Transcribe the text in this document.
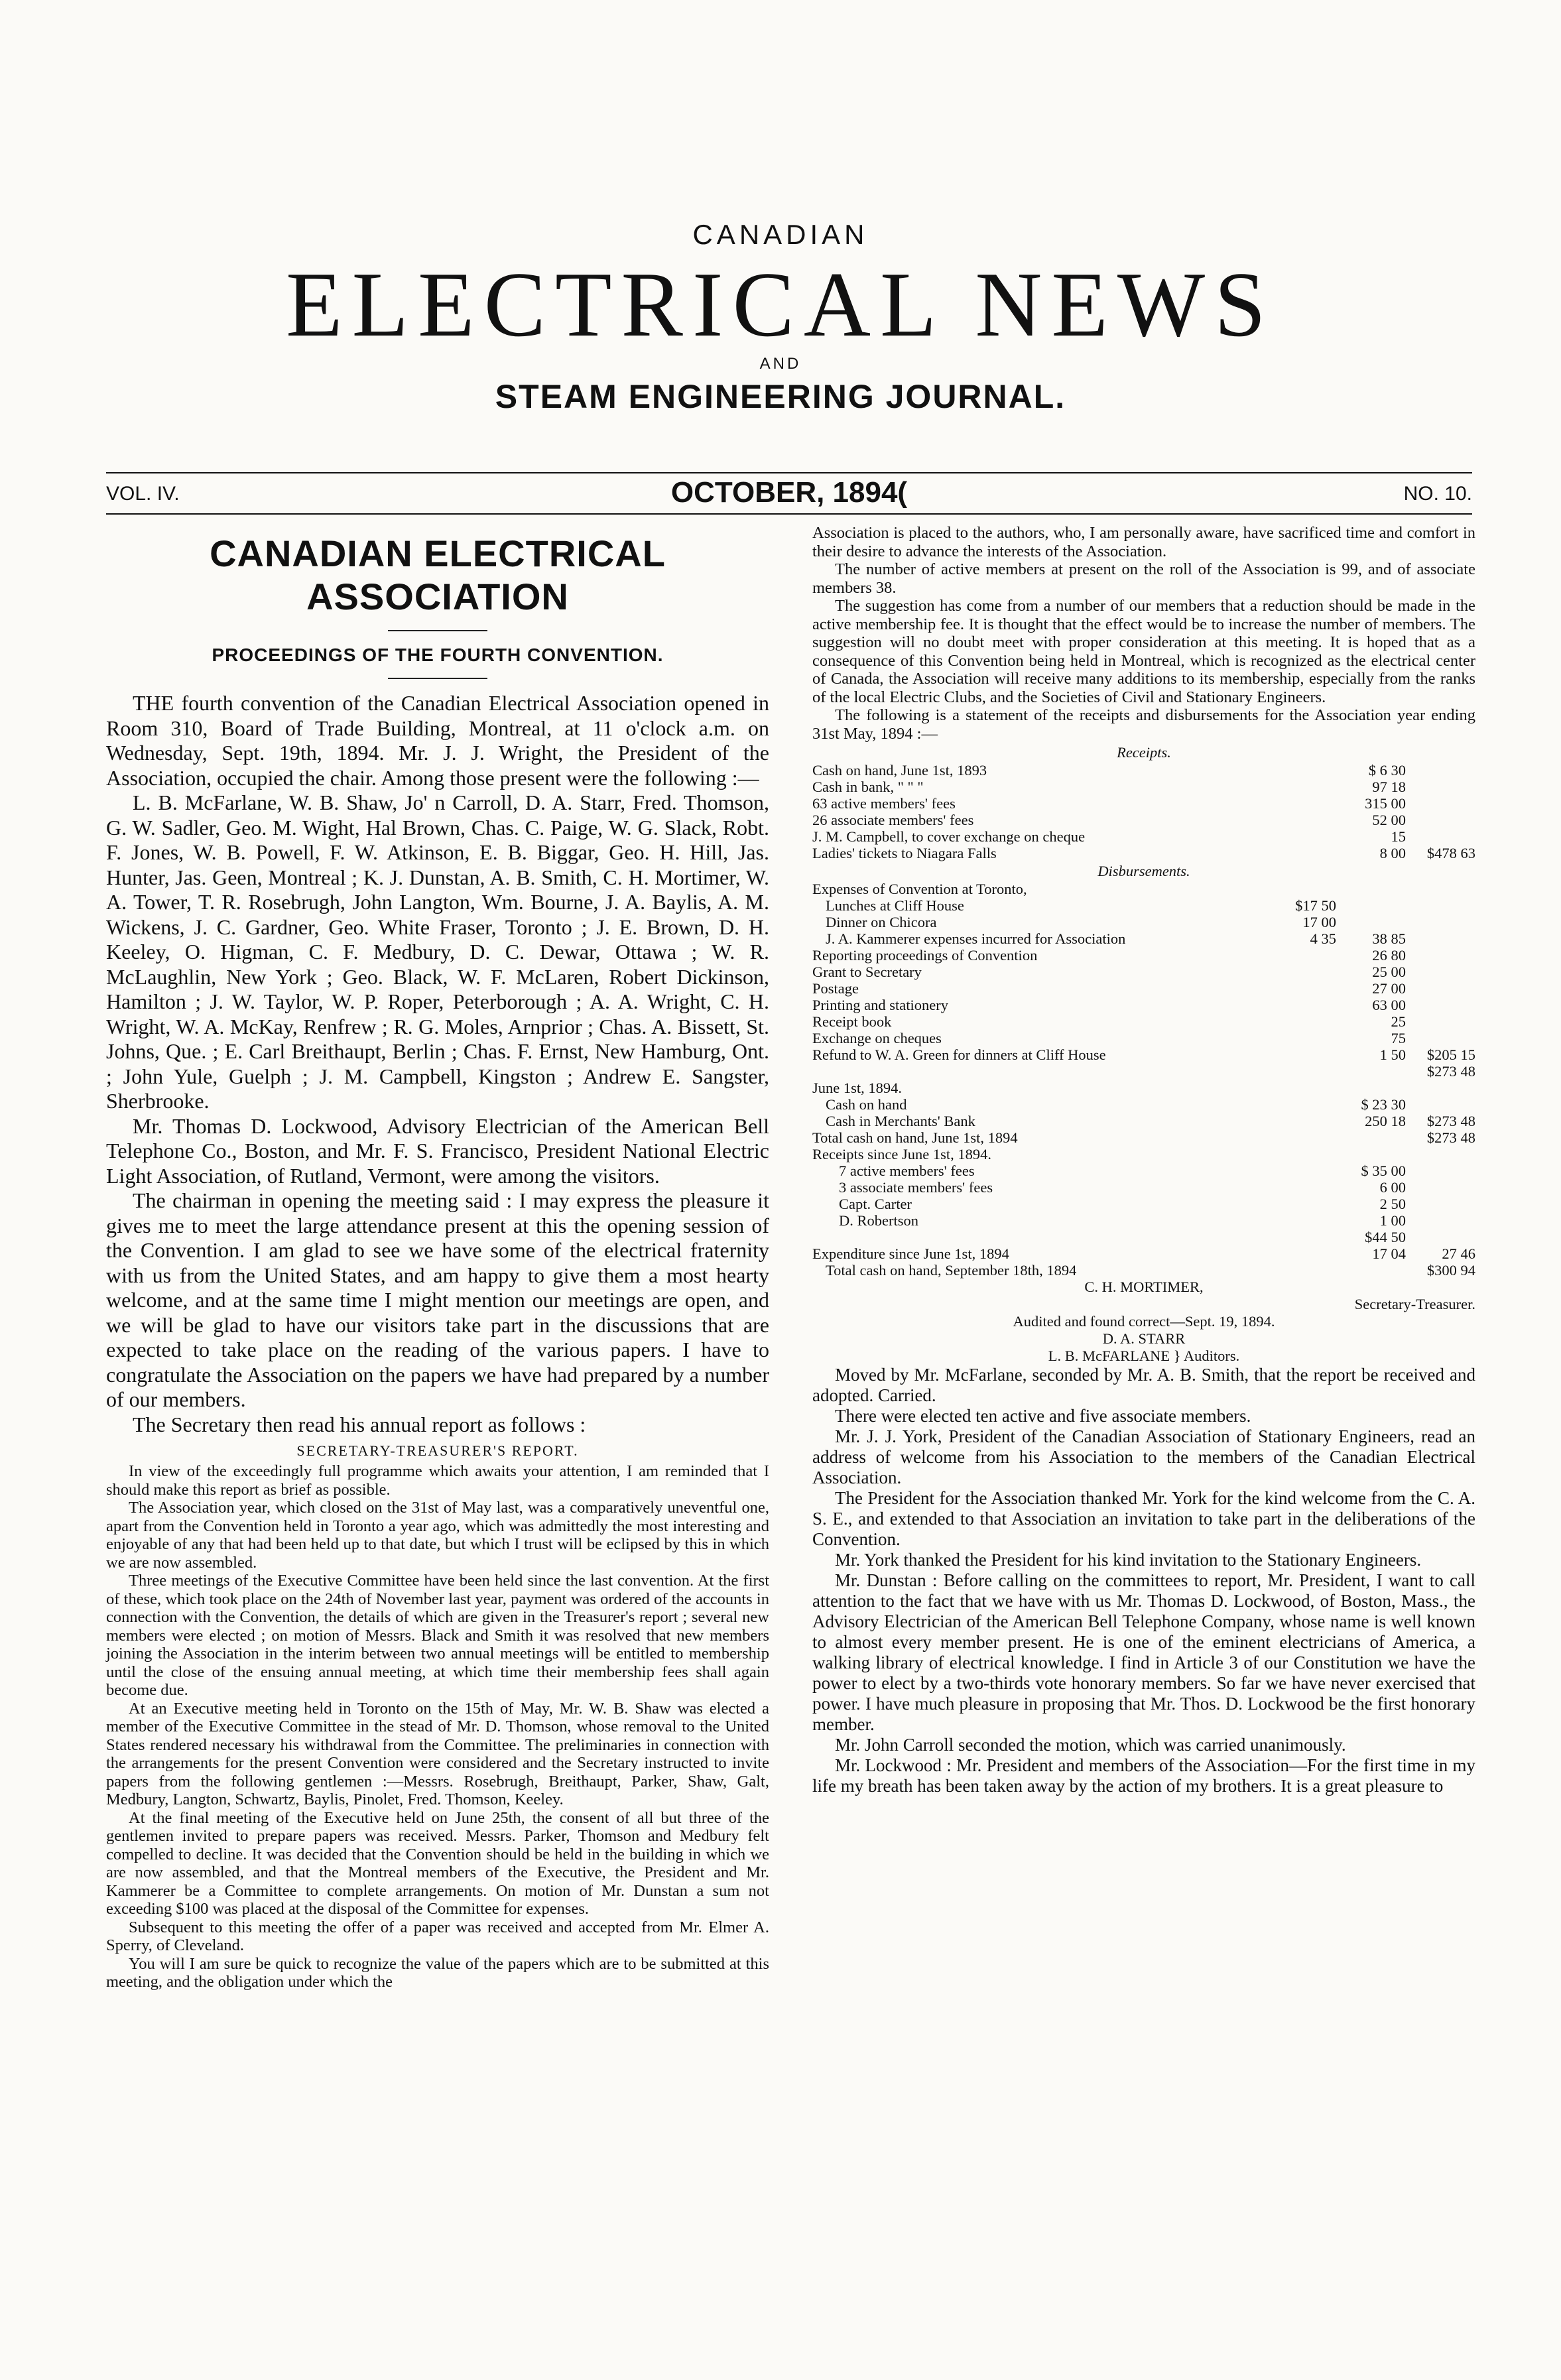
CANADIAN
ELECTRICAL NEWS
AND
STEAM ENGINEERING JOURNAL.
VOL. IV.	OCTOBER, 1894(	NO. 10.
CANADIAN ELECTRICAL ASSOCIATION
PROCEEDINGS OF THE FOURTH CONVENTION.

THE fourth convention of the Canadian Electrical Association opened in Room 310, Board of Trade Building, Montreal, at 11 o'clock a.m. on Wednesday, Sept. 19th, 1894. Mr. J. J. Wright, the President of the Association, occupied the chair. Among those present were the following :—

L. B. McFarlane, W. B. Shaw, Jo' n Carroll, D. A. Starr, Fred. Thomson, G. W. Sadler, Geo. M. Wight, Hal Brown, Chas. C. Paige, W. G. Slack, Robt. F. Jones, W. B. Powell, F. W. Atkinson, E. B. Biggar, Geo. H. Hill, Jas. Hunter, Jas. Geen, Montreal ; K. J. Dunstan, A. B. Smith, C. H. Mortimer, W. A. Tower, T. R. Rosebrugh, John Langton, Wm. Bourne, J. A. Baylis, A. M. Wickens, J. C. Gardner, Geo. White Fraser, Toronto ; J. E. Brown, D. H. Keeley, O. Higman, C. F. Medbury, D. C. Dewar, Ottawa ; W. R. McLaughlin, New York ; Geo. Black, W. F. McLaren, Robert Dickinson, Hamilton ; J. W. Taylor, W. P. Roper, Peterborough ; A. A. Wright, C. H. Wright, W. A. McKay, Renfrew ; R. G. Moles, Arnprior ; Chas. A. Bissett, St. Johns, Que. ; E. Carl Breithaupt, Berlin ; Chas. F. Ernst, New Hamburg, Ont. ; John Yule, Guelph ; J. M. Campbell, Kingston ; Andrew E. Sangster, Sherbrooke.

Mr. Thomas D. Lockwood, Advisory Electrician of the American Bell Telephone Co., Boston, and Mr. F. S. Francisco, President National Electric Light Association, of Rutland, Vermont, were among the visitors.

The chairman in opening the meeting said : I may express the pleasure it gives me to meet the large attendance present at this the opening session of the Convention. I am glad to see we have some of the electrical fraternity with us from the United States, and am happy to give them a most hearty welcome, and at the same time I might mention our meetings are open, and we will be glad to have our visitors take part in the discussions that are expected to take place on the reading of the various papers. I have to congratulate the Association on the papers we have had prepared by a number of our members.

The Secretary then read his annual report as follows :

SECRETARY-TREASURER'S REPORT.

In view of the exceedingly full programme which awaits your attention, I am reminded that I should make this report as brief as possible.

The Association year, which closed on the 31st of May last, was a comparatively uneventful one, apart from the Convention held in Toronto a year ago, which was admittedly the most interesting and enjoyable of any that had been held up to that date, but which I trust will be eclipsed by this in which we are now assembled.

Three meetings of the Executive Committee have been held since the last convention. At the first of these, which took place on the 24th of November last year, payment was ordered of the accounts in connection with the Convention, the details of which are given in the Treasurer's report ; several new members were elected ; on motion of Messrs. Black and Smith it was resolved that new members joining the Association in the interim between two annual meetings will be entitled to membership until the close of the ensuing annual meeting, at which time their membership fees shall again become due.

At an Executive meeting held in Toronto on the 15th of May, Mr. W. B. Shaw was elected a member of the Executive Committee in the stead of Mr. D. Thomson, whose removal to the United States rendered necessary his withdrawal from the Committee. The preliminaries in connection with the arrangements for the present Convention were considered and the Secretary instructed to invite papers from the following gentlemen :—Messrs. Rosebrugh, Breithaupt, Parker, Shaw, Galt, Medbury, Langton, Schwartz, Baylis, Pinolet, Fred. Thomson, Keeley.

At the final meeting of the Executive held on June 25th, the consent of all but three of the gentlemen invited to prepare papers was received. Messrs. Parker, Thomson and Medbury felt compelled to decline. It was decided that the Convention should be held in the building in which we are now assembled, and that the Montreal members of the Executive, the President and Mr. Kammerer be a Committee to complete arrangements. On motion of Mr. Dunstan a sum not exceeding $100 was placed at the disposal of the Committee for expenses.

Subsequent to this meeting the offer of a paper was received and accepted from Mr. Elmer A. Sperry, of Cleveland.

You will I am sure be quick to recognize the value of the papers which are to be submitted at this meeting, and the obligation under which the

Association is placed to the authors, who, I am personally aware, have sacrificed time and comfort in their desire to advance the interests of the Association.

The number of active members at present on the roll of the Association is 99, and of associate members 38.

The suggestion has come from a number of our members that a reduction should be made in the active membership fee. It is thought that the effect would be to increase the number of members. The suggestion will no doubt meet with proper consideration at this meeting. It is hoped that as a consequence of this Convention being held in Montreal, which is recognized as the electrical center of Canada, the Association will receive many additions to its membership, especially from the ranks of the local Electric Clubs, and the Societies of Civil and Stationary Engineers.

The following is a statement of the receipts and disbursements for the Association year ending 31st May, 1894 :—

Receipts.
Cash on hand, June 1st, 1893	$ 6 30
Cash in bank, " " "	97 18
63 active members' fees	315 00
26 associate members' fees	52 00
J. M. Campbell, to cover exchange on cheque	15
Ladies' tickets to Niagara Falls	8 00	$478 63
Disbursements.
Expenses of Convention at Toronto,
Lunches at Cliff House	$17 50
Dinner on Chicora	17 00
J. A. Kammerer expenses incurred for Association	4 35	38 85
Reporting proceedings of Convention	26 80
Grant to Secretary	25 00
Postage	27 00
Printing and stationery	63 00
Receipt book	25
Exchange on cheques	75
Refund to W. A. Green for dinners at Cliff House	1 50	$205 15
$273 48
June 1st, 1894.
Cash on hand	$ 23 30
Cash in Merchants' Bank	250 18	$273 48
Total cash on hand, June 1st, 1894	$273 48
Receipts since June 1st, 1894.
7 active members' fees	$ 35 00
3 associate members' fees	6 00
Capt. Carter	2 50
D. Robertson	1 00
$44 50
Expenditure since June 1st, 1894	17 04	27 46
Total cash on hand, September 18th, 1894	$300 94
C. H. MORTIMER,
Secretary-Treasurer.
Audited and found correct—Sept. 19, 1894.
D. A. STARR
L. B. McFARLANE } Auditors.

Moved by Mr. McFarlane, seconded by Mr. A. B. Smith, that the report be received and adopted. Carried.

There were elected ten active and five associate members.

Mr. J. J. York, President of the Canadian Association of Stationary Engineers, read an address of welcome from his Association to the members of the Canadian Electrical Association.

The President for the Association thanked Mr. York for the kind welcome from the C. A. S. E., and extended to that Association an invitation to take part in the deliberations of the Convention.

Mr. York thanked the President for his kind invitation to the Stationary Engineers.

Mr. Dunstan : Before calling on the committees to report, Mr. President, I want to call attention to the fact that we have with us Mr. Thomas D. Lockwood, of Boston, Mass., the Advisory Electrician of the American Bell Telephone Company, whose name is well known to almost every member present. He is one of the eminent electricians of America, a walking library of electrical knowledge. I find in Article 3 of our Constitution we have the power to elect by a two-thirds vote honorary members. So far we have never exercised that power. I have much pleasure in proposing that Mr. Thos. D. Lockwood be the first honorary member.

Mr. John Carroll seconded the motion, which was carried unanimously.

Mr. Lockwood : Mr. President and members of the Association—For the first time in my life my breath has been taken away by the action of my brothers. It is a great pleasure to
